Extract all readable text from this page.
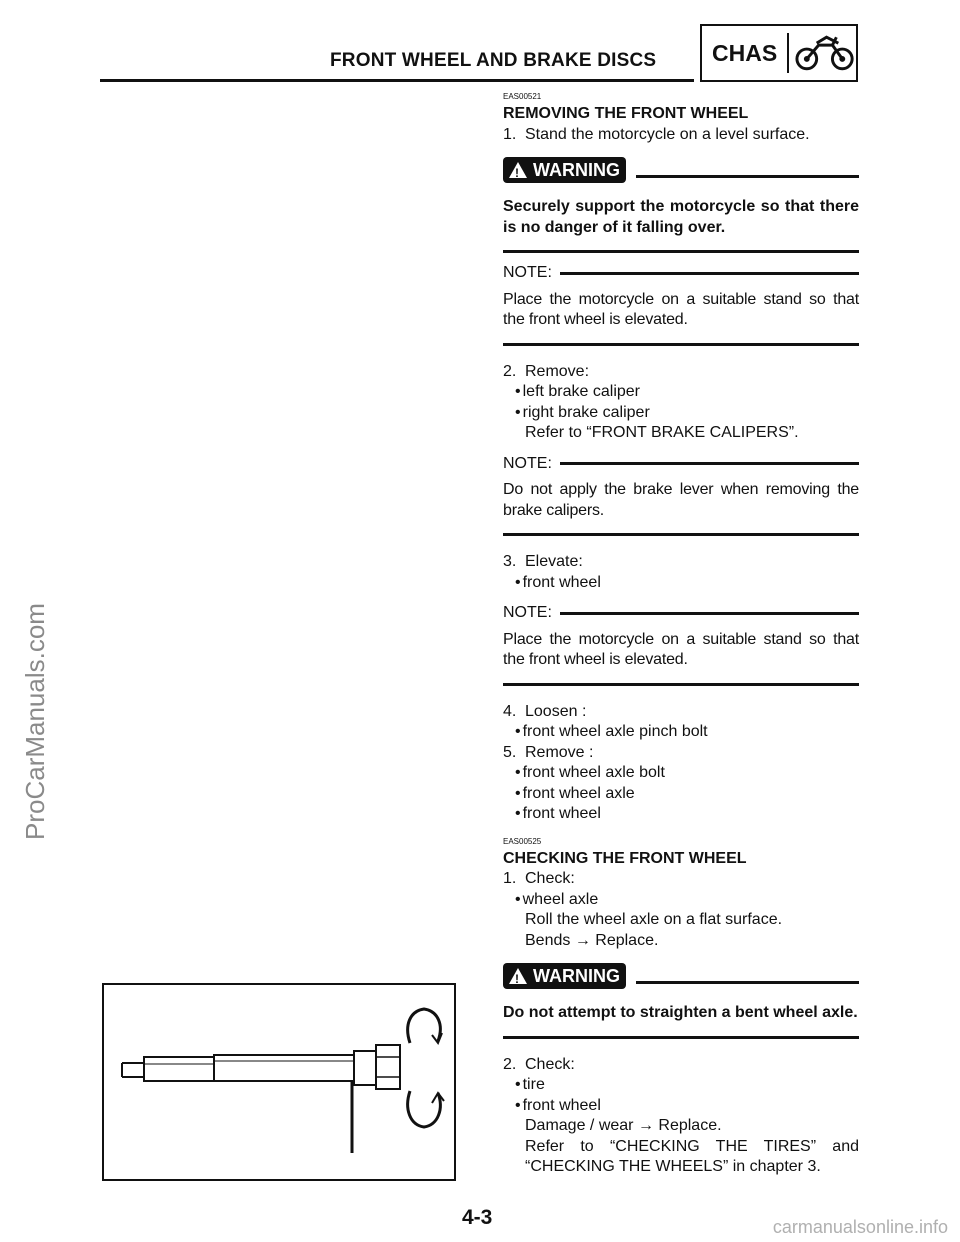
FRONT WHEEL AND BRAKE DISCS CHAS
ProCarManuals.com
EAS00521
REMOVING THE FRONT WHEEL
1. Stand the motorcycle on a level surface.
!
WARNING
Securely support the motorcycle so that there is no danger of it falling over.
NOTE:
Place the motorcycle on a suitable stand so that the front wheel is elevated.
2. Remove:
• left brake caliper
• right brake caliper
Refer to “FRONT BRAKE CALIPERS”.
NOTE:
Do not apply the brake lever when removing the brake calipers.
3. Elevate:
• front wheel
NOTE:
Place the motorcycle on a suitable stand so that the front wheel is elevated.
4. Loosen :
• front wheel axle pinch bolt
5. Remove :
• front wheel axle bolt
• front wheel axle
• front wheel
EAS00525
CHECKING THE FRONT WHEEL
1. Check:
• wheel axle
Roll the wheel axle on a flat surface.
Bends → Replace.
!
WARNING
Do not attempt to straighten a bent wheel axle.
2. Check:
• tire
• front wheel
Damage / wear → Replace.
Refer to “CHECKING THE TIRES” and “CHECKING THE WHEELS” in chapter 3.
4-3	carmanualsonline.info
